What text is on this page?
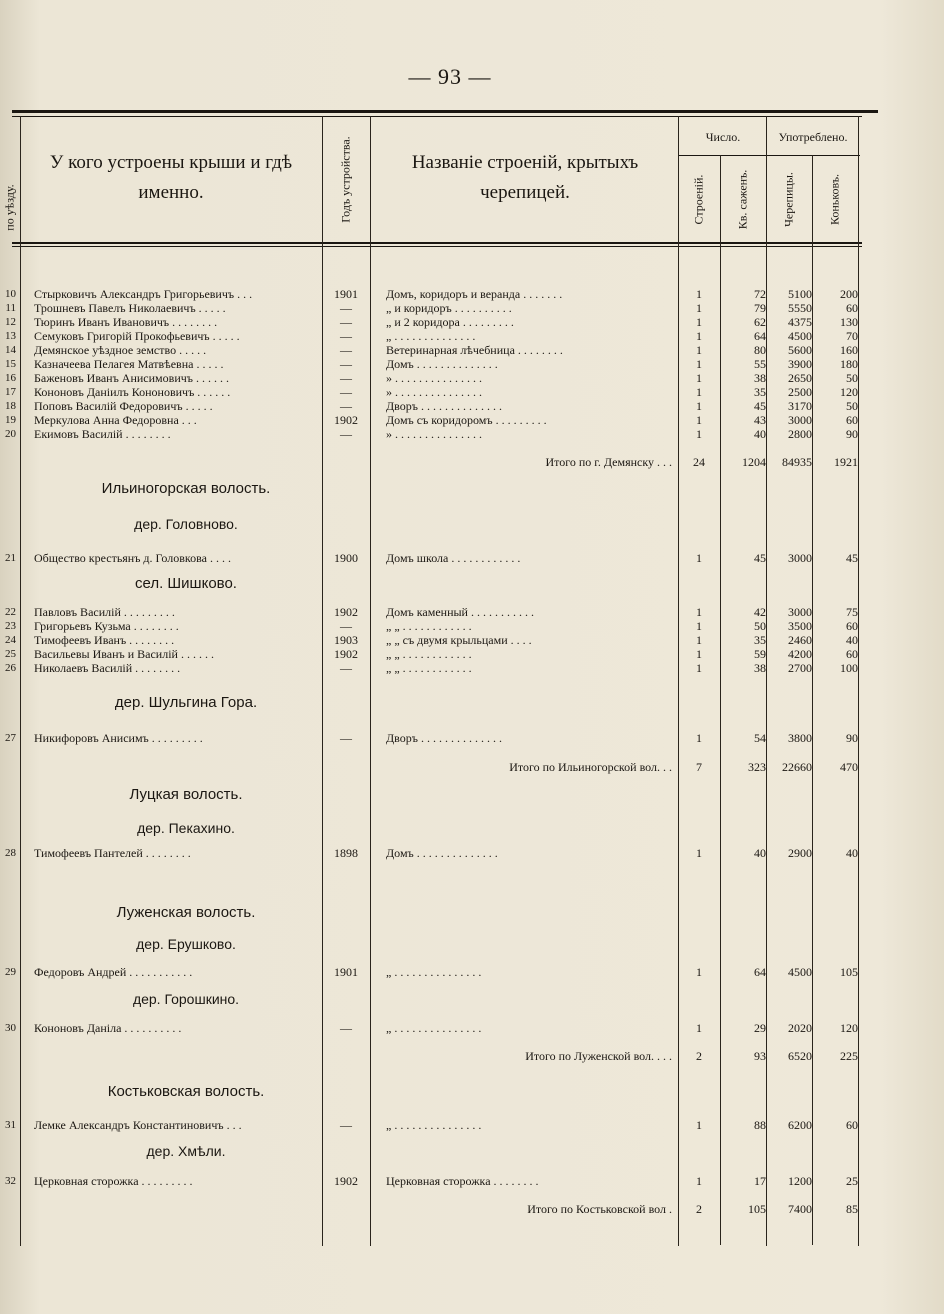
— 93 —
по уѣзду.
У кого устроены крыши и гдѣ именно.	Годъ устройства.	Названіе строеній, крытыхъ черепицей.
Число.	Употреблено.
Строеній.	Кв. саженъ.	Черепицы.	Коньковъ.
10 Стырковичъ Александръ Григорьевичъ . . .	1901	Домъ, коридоръ и веранда . . . . . . .	1	72	5100	200
11 Трошневъ Павелъ Николаевичъ . . . . .	—	„ и коридоръ . . . . . . . . . .	1	79	5550	60
12 Тюринъ Иванъ Ивановичъ . . . . . . . .	—	„ и 2 коридора . . . . . . . . .	1	62	4375	130
13 Семуковъ Григорій Прокофьевичъ . . . . .	—	„ . . . . . . . . . . . . . .	1	64	4500	70
14 Демянское уѣздное земство . . . . .	—	Ветеринарная лѣчебница . . . . . . . .	1	80	5600	160
15 Казначеева Пелагея Матвѣевна . . . . .	—	Домъ . . . . . . . . . . . . . .	1	55	3900	180
16 Баженовъ Иванъ Анисимовичъ . . . . . .	—	» . . . . . . . . . . . . . . .	1	38	2650	50
17 Кононовъ Даніилъ Кононовичъ . . . . . .	—	» . . . . . . . . . . . . . . .	1	35	2500	120
18 Поповъ Василій Федоровичъ . . . . .	—	Дворъ . . . . . . . . . . . . . .	1	45	3170	50
19 Меркулова Анна Федоровна . . .	1902	Домъ съ коридоромъ . . . . . . . . .	1	43	3000	60
20 Екимовъ Василій . . . . . . . .	—	» . . . . . . . . . . . . . . .	1	40	2800	90
Итого по г. Демянску . . .	24	1204	84935	1921
Ильиногорская волость.
дер. Головново.
21 Общество крестьянъ д. Головкова . . . .	1900	Домъ школа . . . . . . . . . . . .	1	45	3000	45
сел. Шишково.
22 Павловъ Василій . . . . . . . . .	1902	Домъ каменный . . . . . . . . . . .	1	42	3000	75
23 Григорьевъ Кузьма . . . . . . . .	—	„ „ . . . . . . . . . . . .	1	50	3500	60
24 Тимофеевъ Иванъ . . . . . . . .	1903	„ „ съ двумя крыльцами . . . .	1	35	2460	40
25 Васильевы Иванъ и Василій . . . . . .	1902	„ „ . . . . . . . . . . . .	1	59	4200	60
26 Николаевъ Василій . . . . . . . .	—	„ „ . . . . . . . . . . . .	1	38	2700	100
дер. Шульгина Гора.
27 Никифоровъ Анисимъ . . . . . . . . .	—	Дворъ . . . . . . . . . . . . . .	1	54	3800	90
Итого по Ильиногорской вол. . .	7	323	22660	470
Луцкая волость.
дер. Пекахино.
28 Тимофеевъ Пантелей . . . . . . . .	1898	Домъ . . . . . . . . . . . . . .	1	40	2900	40
Луженская волость.
дер. Ерушково.
29 Федоровъ Андрей . . . . . . . . . . .	1901	„ . . . . . . . . . . . . . . .	1	64	4500	105
дер. Горошкино.
30 Кононовъ Даніла . . . . . . . . . .	—	„ . . . . . . . . . . . . . . .	1	29	2020	120
Итого по Луженской вол. . . .	2	93	6520	225
Костьковская волость.
31 Лемке Александръ Константиновичъ . . .	—	„ . . . . . . . . . . . . . . .	1	88	6200	60
дер. Хмѣли.
32 Церковная сторожка . . . . . . . . .	1902	Церковная сторожка . . . . . . . .	1	17	1200	25
Итого по Костьковской вол .	2	105	7400	85
